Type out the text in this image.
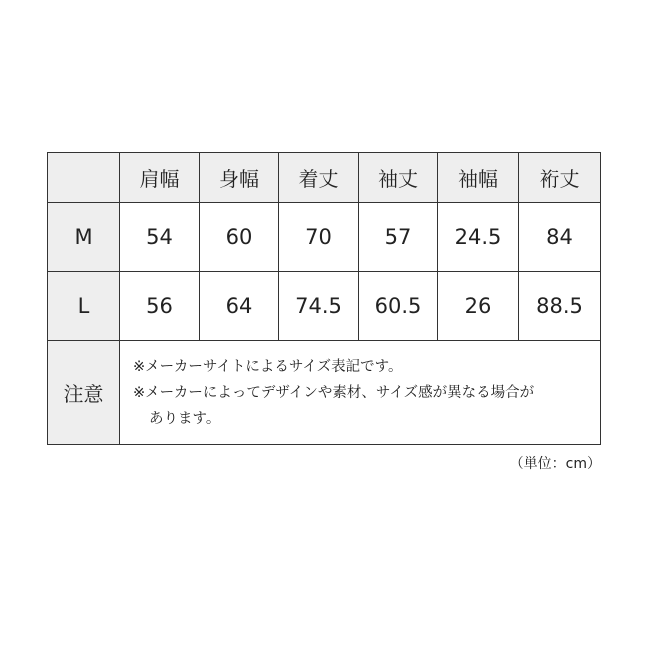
	肩幅	身幅	着丈	袖丈	袖幅	裄丈
M	54	60	70	57	24.5	84
L	56	64	74.5	60.5	26	88.5
注意	※メーカーサイトによるサイズ表記です。
※メーカーによってデザインや素材、サイズ感が異なる場合が
あります。					
（単位：cm）
